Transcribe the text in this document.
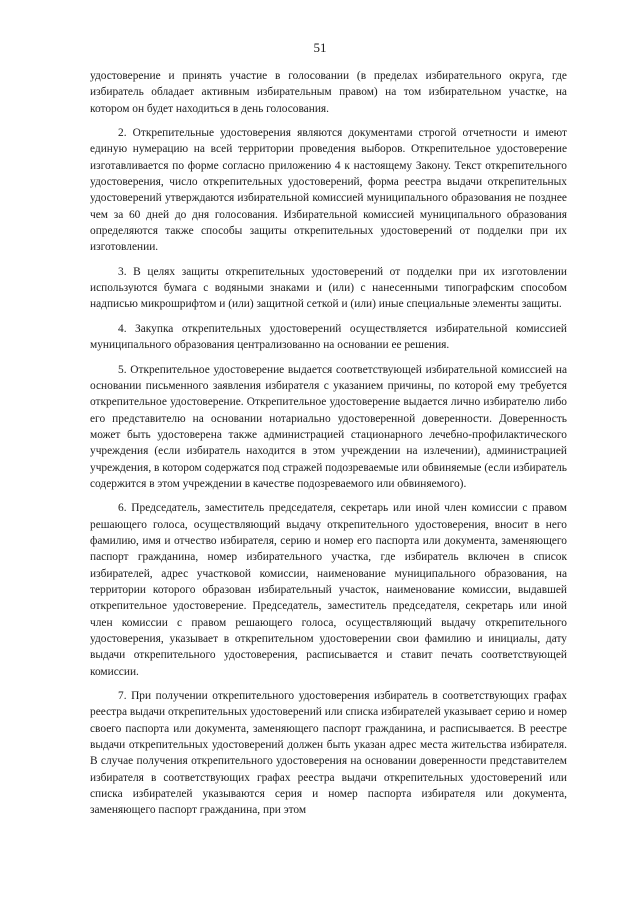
51

удостоверение и принять участие в голосовании (в пределах избирательного округа, где избиратель обладает активным избирательным правом) на том избирательном участке, на котором он будет находиться в день голосования.

2. Открепительные удостоверения являются документами строгой отчетности и имеют единую нумерацию на всей территории проведения выборов. Открепительное удостоверение изготавливается по форме согласно приложению 4 к настоящему Закону. Текст открепительного удостоверения, число открепительных удостоверений, форма реестра выдачи открепительных удостоверений утверждаются избирательной комиссией муниципального образования не позднее чем за 60 дней до дня голосования. Избирательной комиссией муниципального образования определяются также способы защиты открепительных удостоверений от подделки при их изготовлении.

3. В целях защиты открепительных удостоверений от подделки при их изготовлении используются бумага с водяными знаками и (или) с нанесенными типографским способом надписью микрошрифтом и (или) защитной сеткой и (или) иные специальные элементы защиты.

4. Закупка открепительных удостоверений осуществляется избирательной комиссией муниципального образования централизованно на основании ее решения.

5. Открепительное удостоверение выдается соответствующей избирательной комиссией на основании письменного заявления избирателя с указанием причины, по которой ему требуется открепительное удостоверение. Открепительное удостоверение выдается лично избирателю либо его представителю на основании нотариально удостоверенной доверенности. Доверенность может быть удостоверена также администрацией стационарного лечебно-профилактического учреждения (если избиратель находится в этом учреждении на излечении), администрацией учреждения, в котором содержатся под стражей подозреваемые или обвиняемые (если избиратель содержится в этом учреждении в качестве подозреваемого или обвиняемого).

6. Председатель, заместитель председателя, секретарь или иной член комиссии с правом решающего голоса, осуществляющий выдачу открепительного удостоверения, вносит в него фамилию, имя и отчество избирателя, серию и номер его паспорта или документа, заменяющего паспорт гражданина, номер избирательного участка, где избиратель включен в список избирателей, адрес участковой комиссии, наименование муниципального образования, на территории которого образован избирательный участок, наименование комиссии, выдавшей открепительное удостоверение. Председатель, заместитель председателя, секретарь или иной член комиссии с правом решающего голоса, осуществляющий выдачу открепительного удостоверения, указывает в открепительном удостоверении свои фамилию и инициалы, дату выдачи открепительного удостоверения, расписывается и ставит печать соответствующей комиссии.

7. При получении открепительного удостоверения избиратель в соответствующих графах реестра выдачи открепительных удостоверений или списка избирателей указывает серию и номер своего паспорта или документа, заменяющего паспорт гражданина, и расписывается. В реестре выдачи открепительных удостоверений должен быть указан адрес места жительства избирателя. В случае получения открепительного удостоверения на основании доверенности представителем избирателя в соответствующих графах реестра выдачи открепительных удостоверений или списка избирателей указываются серия и номер паспорта избирателя или документа, заменяющего паспорт гражданина, при этом
